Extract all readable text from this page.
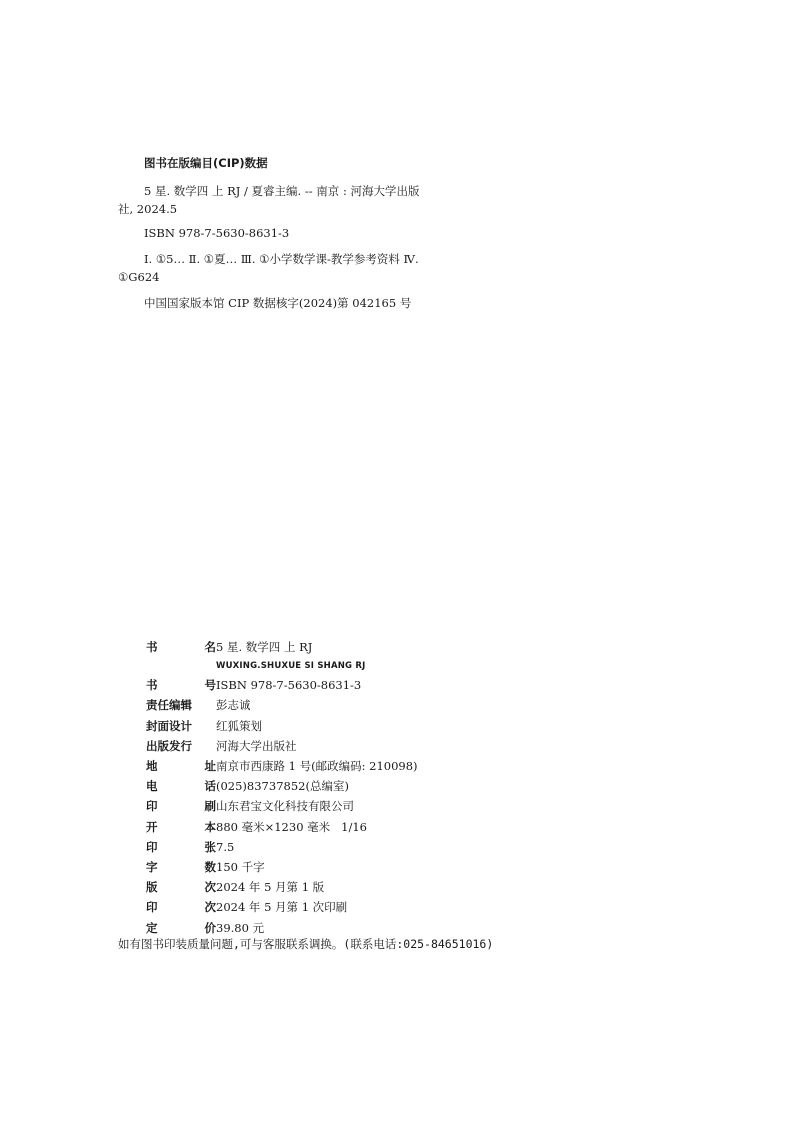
图书在版编目(CIP)数据

5 星. 数学四 上 RJ / 夏睿主编. -- 南京 : 河海大学出版社, 2024.5

ISBN 978-7-5630-8631-3

Ⅰ. ①5… Ⅱ. ①夏… Ⅲ. ①小学数学课-教学参考资料 Ⅳ. ①G624

中国国家版本馆 CIP 数据核字(2024)第 042165 号

书	名 5 星. 数学四 上 RJ
WUXING.SHUXUE SI SHANG RJ
书	号 ISBN 978-7-5630-8631-3
责任编辑	彭志诚
封面设计	红狐策划
出版发行	河海大学出版社
地	址 南京市西康路 1 号(邮政编码: 210098)
电	话 (025)83737852(总编室)
印	刷 山东君宝文化科技有限公司
开	本 880 毫米×1230 毫米   1/16
印	张 7.5
字	数 150 千字
版	次 2024 年 5 月第 1 版
印	次 2024 年 5 月第 1 次印刷
定	价 39.80 元
如有图书印装质量问题,可与客服联系调换。(联系电话:025-84651016)
